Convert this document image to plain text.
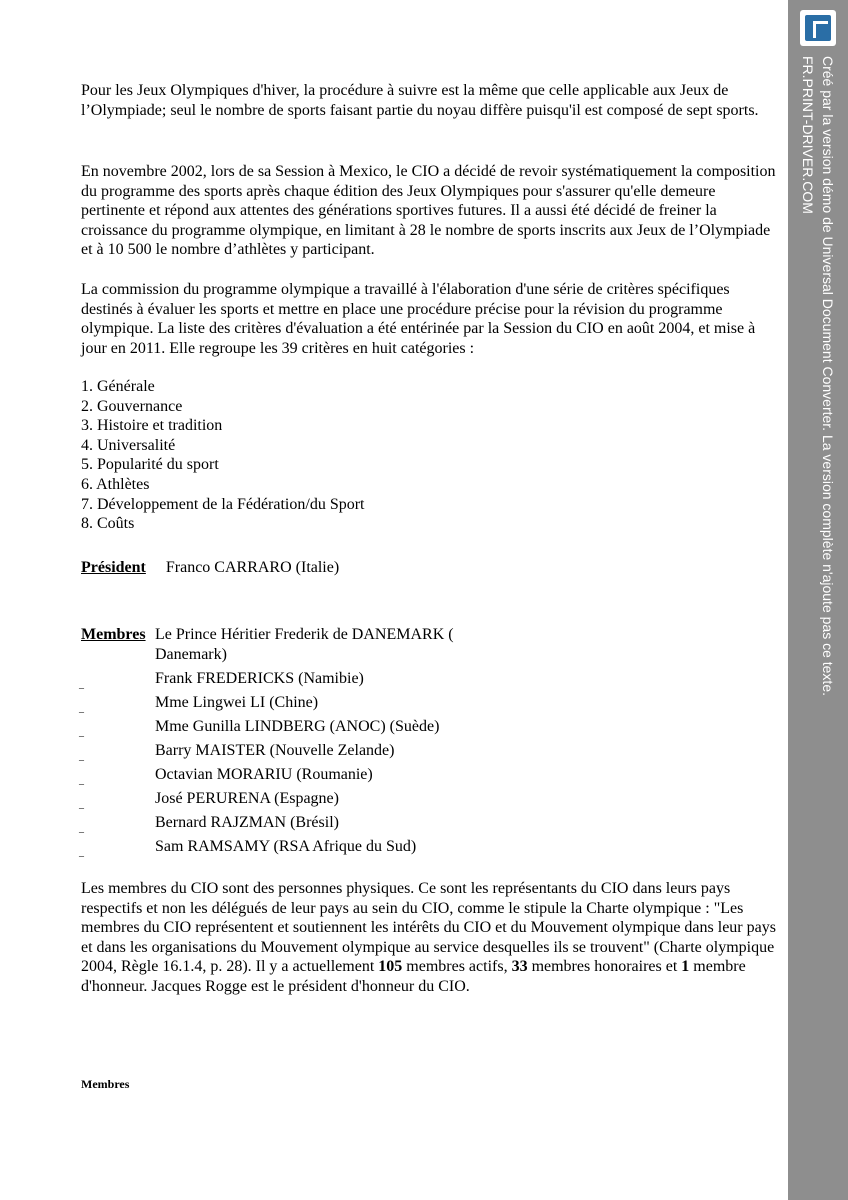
Pour les Jeux Olympiques d'hiver, la procédure à suivre est la même que celle applicable aux Jeux de l’Olympiade; seul le nombre de sports faisant partie du noyau diffère puisqu'il est composé de sept sports.

En novembre 2002, lors de sa Session à Mexico, le CIO a décidé de revoir systématiquement la composition du programme des sports après chaque édition des Jeux Olympiques pour s'assurer qu'elle demeure pertinente et répond aux attentes des générations sportives futures. Il a aussi été décidé de freiner la croissance du programme olympique, en limitant à 28 le nombre de sports inscrits aux Jeux de l’Olympiade et à 10 500 le nombre d’athlètes y participant.

La commission du programme olympique a travaillé à l'élaboration d'une série de critères spécifiques destinés à évaluer les sports et mettre en place une procédure précise pour la révision du programme olympique. La liste des critères d'évaluation a été entérinée par la Session du CIO en août 2004, et mise à jour en 2011. Elle regroupe les 39 critères en huit catégories :

1. Générale
2. Gouvernance
3. Histoire et tradition
4. Universalité
5. Popularité du sport
6. Athlètes
7. Développement de la Fédération/du Sport
8. Coûts
Président Franco CARRARO (Italie)
Membres Le Prince Héritier Frederik de DANEMARK ( Danemark)
Frank FREDERICKS (Namibie)
Mme Lingwei LI (Chine)
Mme Gunilla LINDBERG (ANOC) (Suède)
Barry MAISTER (Nouvelle Zelande)
Octavian MORARIU (Roumanie)
José PERURENA (Espagne)
Bernard RAJZMAN (Brésil)
Sam RAMSAMY (RSA Afrique du Sud)
_
_
_
_
_
_
_
_

Les membres du CIO sont des personnes physiques. Ce sont les représentants du CIO dans leurs pays respectifs et non les délégués de leur pays au sein du CIO, comme le stipule la Charte olympique : "Les membres du CIO représentent et soutiennent les intérêts du CIO et du Mouvement olympique dans leur pays et dans les organisations du Mouvement olympique au service desquelles ils se trouvent" (Charte olympique 2004, Règle 16.1.4, p. 28). Il y a actuellement 105 membres actifs, 33 membres honoraires et 1 membre d'honneur. Jacques Rogge est le président d'honneur du CIO.

Membres
Créé par la version démo de Universal Document Converter. La version complète n'ajoute pas ce texte.
FR.PRINT-DRIVER.COM
